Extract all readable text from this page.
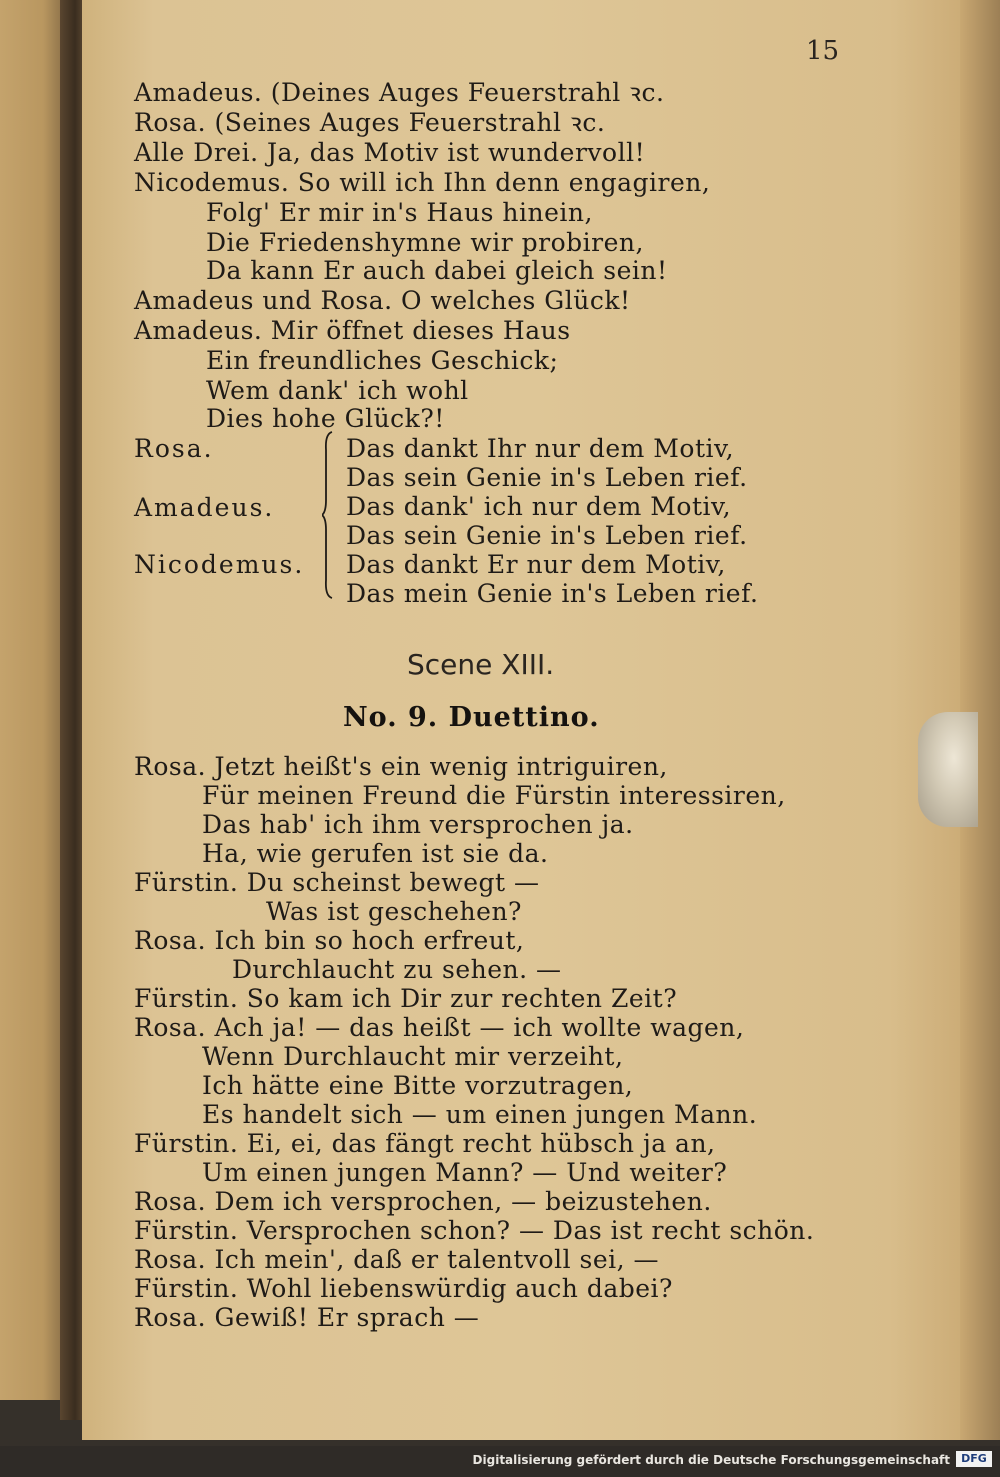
15
Amadeus. (Deines Auges Feuerstrahl ꝛc.
Rosa. (Seines Auges Feuerstrahl ꝛc.
Alle Drei. Ja, das Motiv ist wundervoll!
Nicodemus. So will ich Ihn denn engagiren,
Folg' Er mir in's Haus hinein,
Die Friedenshymne wir probiren,
Da kann Er auch dabei gleich sein!
Amadeus und Rosa. O welches Glück!
Amadeus. Mir öffnet dieses Haus
Ein freundliches Geschick;
Wem dank' ich wohl
Dies hohe Glück?!
Rosa.
Amadeus.
Nicodemus.
Das dankt Ihr nur dem Motiv,
Das sein Genie in's Leben rief.
Das dank' ich nur dem Motiv,
Das sein Genie in's Leben rief.
Das dankt Er nur dem Motiv,
Das mein Genie in's Leben rief.
Scene XIII.
No. 9. Duettino.
Rosa. Jetzt heißt's ein wenig intriguiren,
Für meinen Freund die Fürstin interessiren,
Das hab' ich ihm versprochen ja.
Ha, wie gerufen ist sie da.
Fürstin. Du scheinst bewegt —
Was ist geschehen?
Rosa. Ich bin so hoch erfreut,
Durchlaucht zu sehen. —
Fürstin. So kam ich Dir zur rechten Zeit?
Rosa. Ach ja! — das heißt — ich wollte wagen,
Wenn Durchlaucht mir verzeiht,
Ich hätte eine Bitte vorzutragen,
Es handelt sich — um einen jungen Mann.
Fürstin. Ei, ei, das fängt recht hübsch ja an,
Um einen jungen Mann? — Und weiter?
Rosa. Dem ich versprochen, — beizustehen.
Fürstin. Versprochen schon? — Das ist recht schön.
Rosa. Ich mein', daß er talentvoll sei, —
Fürstin. Wohl liebenswürdig auch dabei?
Rosa. Gewiß! Er sprach —
Digitalisierung gefördert durch die Deutsche Forschungsgemeinschaft	DFG
